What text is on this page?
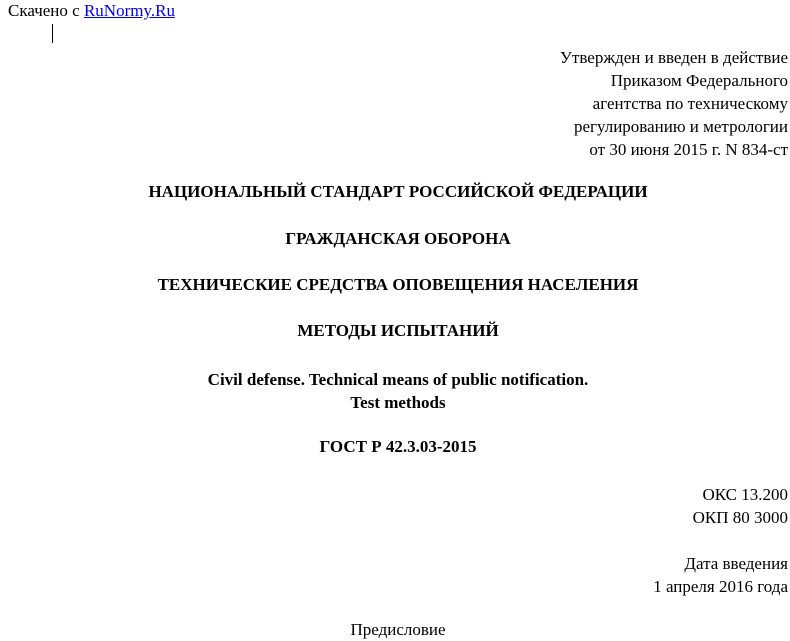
Скачено с RuNormy.Ru
Утвержден и введен в действие
Приказом Федерального
агентства по техническому
регулированию и метрологии
от 30 июня 2015 г. N 834-ст
НАЦИОНАЛЬНЫЙ СТАНДАРТ РОССИЙСКОЙ ФЕДЕРАЦИИ
ГРАЖДАНСКАЯ ОБОРОНА
ТЕХНИЧЕСКИЕ СРЕДСТВА ОПОВЕЩЕНИЯ НАСЕЛЕНИЯ
МЕТОДЫ ИСПЫТАНИЙ
Civil defense. Technical means of public notification.
Test methods
ГОСТ Р 42.3.03-2015
ОКС 13.200
ОКП 80 3000
Дата введения
1 апреля 2016 года
Предисловие
